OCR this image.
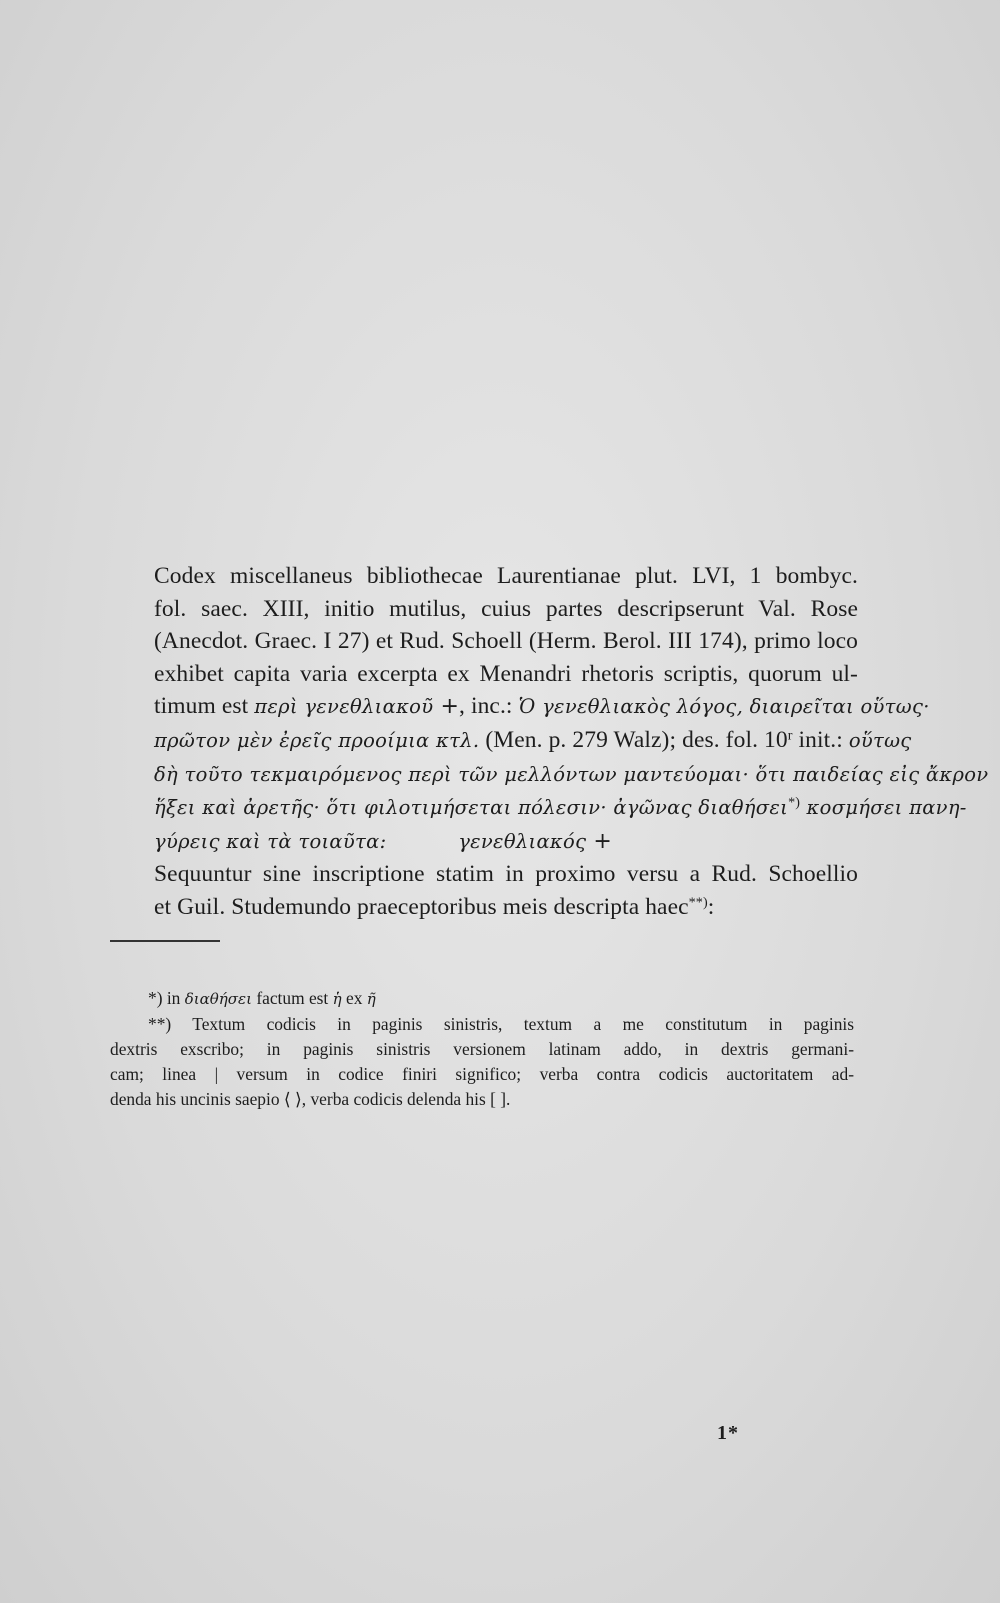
Codex miscellaneus bibliothecae Laurentianae plut. LVI, 1 bombyc.
fol. saec. XIII, initio mutilus, cuius partes descripserunt Val. Rose
(Anecdot. Graec. I 27) et Rud. Schoell (Herm. Berol. III 174), primo loco
exhibet capita varia excerpta ex Menandri rhetoris scriptis, quorum ul-
timum est περὶ γενεθλιακοῦ +, inc.: Ὁ γενεθλιακὸς λόγος, διαιρεῖται οὕτως·
πρῶτον μὲν ἐρεῖς προοίμια κτλ. (Men. p. 279 Walz); des. fol. 10$^r$ init.: οὕτως
δὴ τοῦτο τεκμαιρόμενος περὶ τῶν μελλόντων μαντεύομαι· ὅτι παιδείας εἰς ἄκρον
ἥξει καὶ ἀρετῆς· ὅτι φιλοτιμήσεται πόλεσιν· ἀγῶνας διαθήσει*) κοσμήσει πανη-
γύρεις καὶ τὰ τοιαῦτα:	γενεθλιακός +
Sequuntur sine inscriptione statim in proximo versu a Rud. Schoellio
et Guil. Studemundo praeceptoribus meis descripta haec**):
*) in διαθήσει factum est ἡ ex ῆ
**) Textum codicis in paginis sinistris, textum a me constitutum in paginis
dextris exscribo; in paginis sinistris versionem latinam addo, in dextris germani-
cam; linea | versum in codice finiri significo; verba contra codicis auctoritatem ad-
denda his uncinis saepio ⟨ ⟩, verba codicis delenda his [ ].
1*
